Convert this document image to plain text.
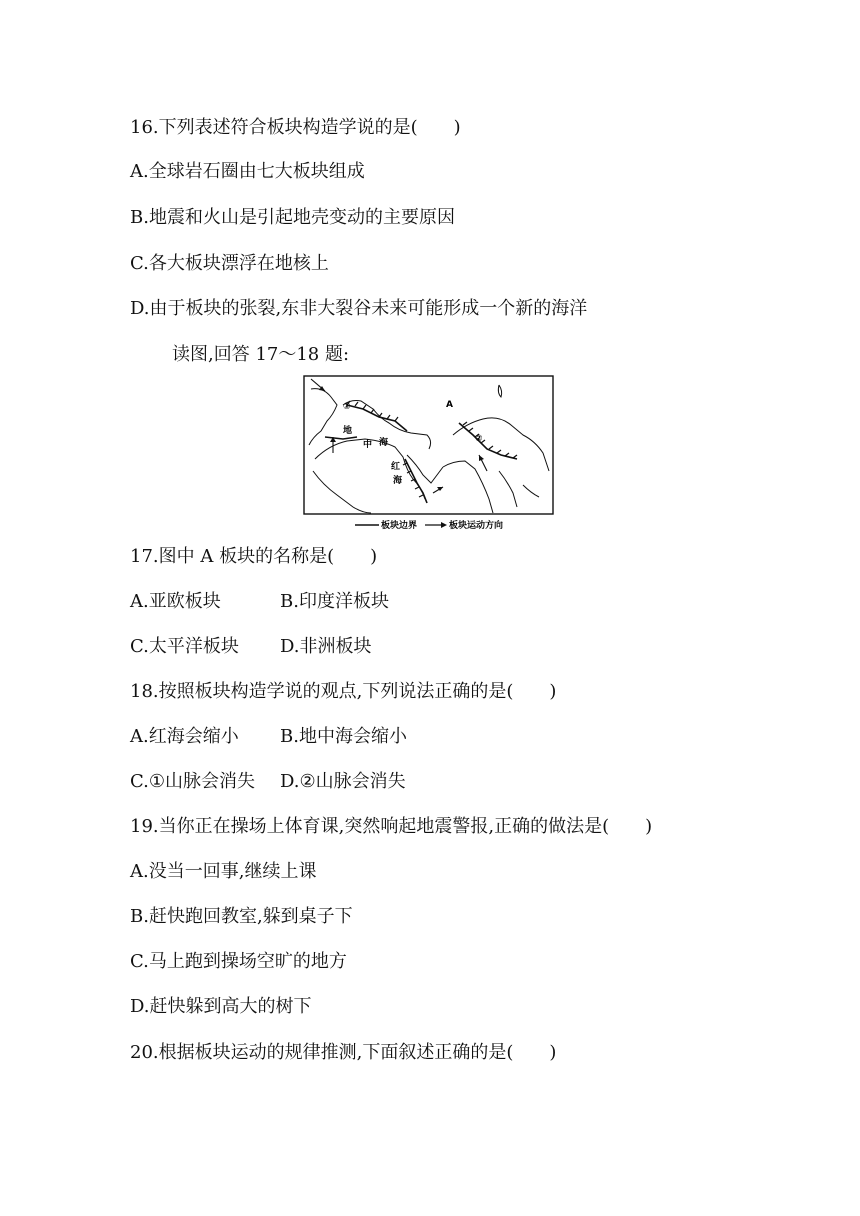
16.下列表述符合板块构造学说的是(　　)
A.全球岩石圈由七大板块组成
B.地震和火山是引起地壳变动的主要原因
C.各大板块漂浮在地核上
D.由于板块的张裂,东非大裂谷未来可能形成一个新的海洋
读图,回答 17～18 题:
A
①
②
地
中 海
红
海
板块边界	板块运动方向
17.图中 A 板块的名称是(　　)
A.亚欧板块	B.印度洋板块
C.太平洋板块 D.非洲板块
18.按照板块构造学说的观点,下列说法正确的是(　　)
A.红海会缩小 B.地中海会缩小
C.①山脉会消失 D.②山脉会消失
19.当你正在操场上体育课,突然响起地震警报,正确的做法是(　　)
A.没当一回事,继续上课
B.赶快跑回教室,躲到桌子下
C.马上跑到操场空旷的地方
D.赶快躲到高大的树下
20.根据板块运动的规律推测,下面叙述正确的是(　　)
